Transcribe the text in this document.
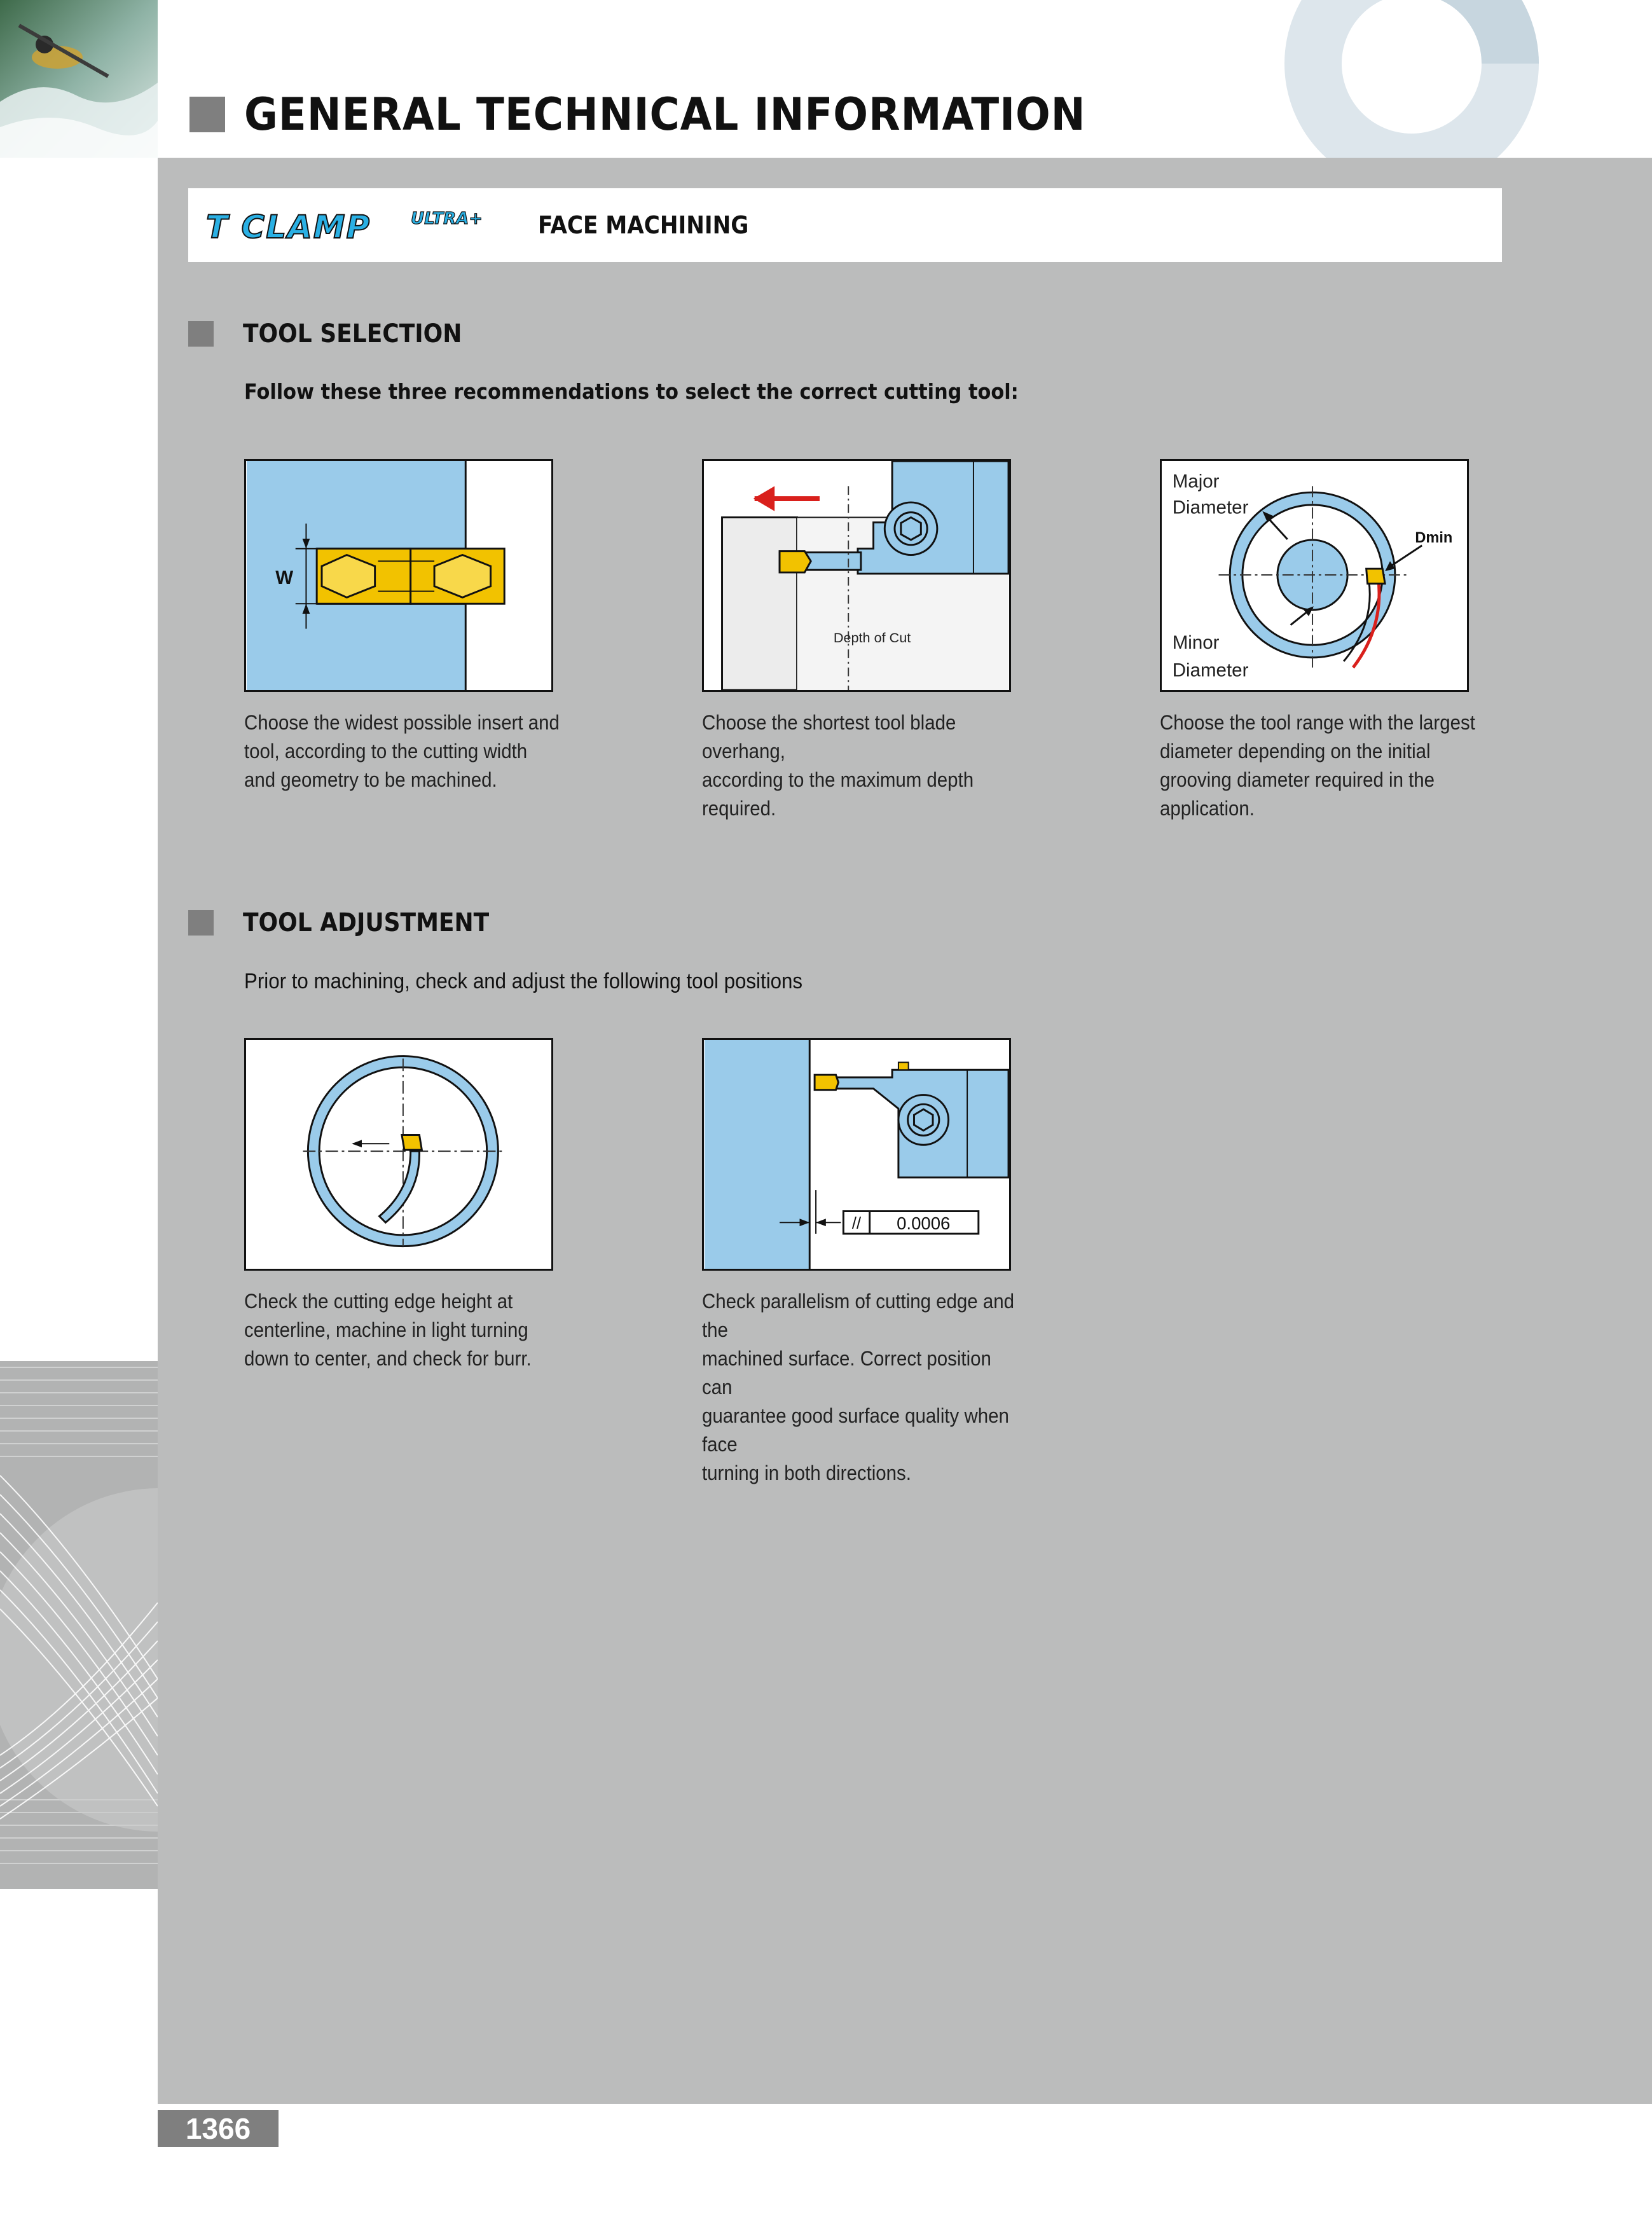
GENERAL TECHNICAL INFORMATION
T CLAMP ULTRA+ FACE MACHINING
TOOL SELECTION
Follow these three recommendations to select the correct cutting tool:
W
Choose the widest possible insert and
tool, according to the cutting width
and geometry to be machined.
Depth of Cut
Choose the shortest tool blade overhang,
according to the maximum depth required.
Major
Diameter
Dmin
Minor
Diameter
Choose the tool range with the largest
diameter depending on the initial
grooving diameter required in the
application.
TOOL ADJUSTMENT
Prior to machining, check and adjust the following tool positions
Check the cutting edge height at
centerline, machine in light turning
down to center, and check for burr.
// 0.0006
Check parallelism of cutting edge and the
machined surface. Correct position can
guarantee good surface quality when face
turning in both directions.
1366
